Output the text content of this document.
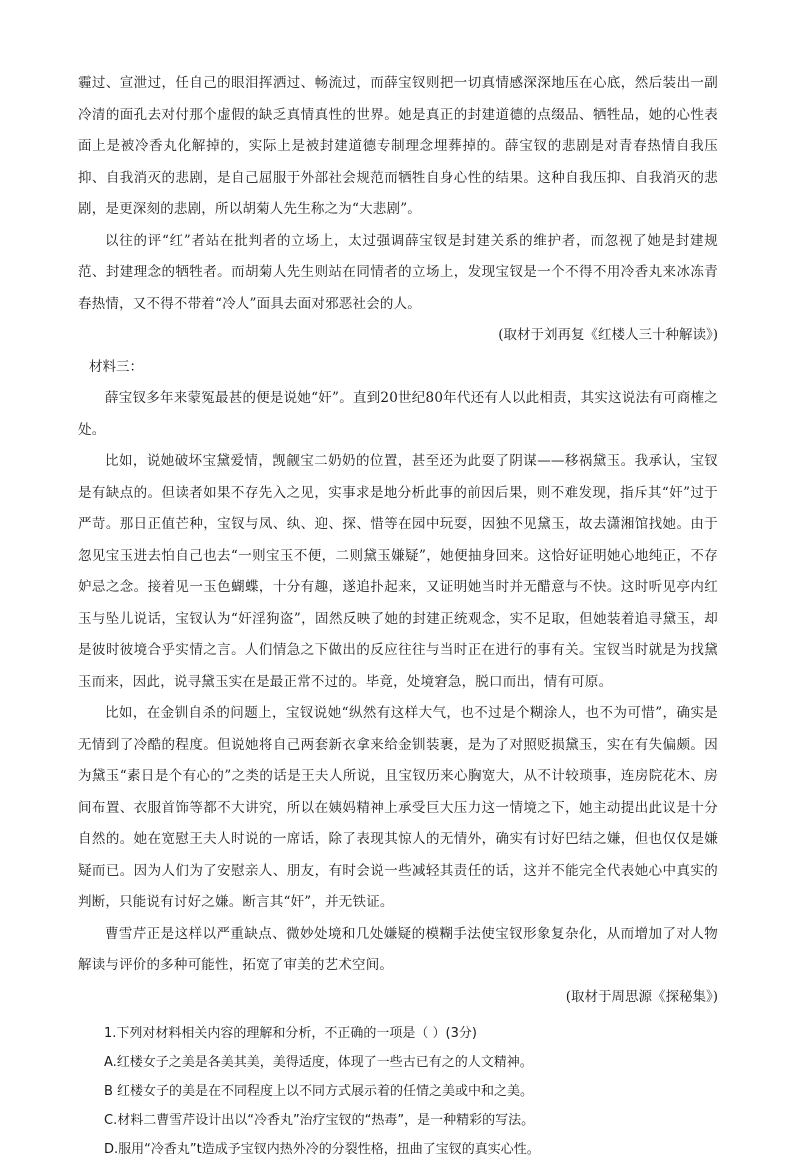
霾过、宣泄过，任自己的眼泪挥洒过、畅流过，而薛宝钗则把一切真情感深深地压在心底，然后装出一副冷清的面孔去对付那个虚假的缺乏真情真性的世界。她是真正的封建道德的点缀品、牺牲品，她的心性表面上是被冷香丸化解掉的，实际上是被封建道德专制理念埋葬掉的。薛宝钗的悲剧是对青春热情自我压抑、自我消灭的悲剧，是自己屈服于外部社会规范而牺牲自身心性的结果。这种自我压抑、自我消灭的悲剧，是更深刻的悲剧，所以胡菊人先生称之为“大悲剧”。

以往的评“红”者站在批判者的立场上，太过强调薛宝钗是封建关系的维护者，而忽视了她是封建规范、封建理念的牺牲者。而胡菊人先生则站在同情者的立场上，发现宝钗是一个不得不用冷香丸来冰冻青春热情，又不得不带着“冷人”面具去面对邪恶社会的人。

(取材于刘再复《红楼人三十种解读》)

材料三：

薛宝钗多年来蒙冤最甚的便是说她“奸”。直到20世纪80年代还有人以此相责，其实这说法有可商榷之处。

比如，说她破坏宝黛爱情，觊觎宝二奶奶的位置，甚至还为此耍了阴谋——移祸黛玉。我承认，宝钗是有缺点的。但读者如果不存先入之见，实事求是地分析此事的前因后果，则不难发现，指斥其“奸”过于严苛。那日正值芒种，宝钗与凤、纨、迎、探、惜等在园中玩耍，因独不见黛玉，故去潇湘馆找她。由于忽见宝玉进去怕自己也去“一则宝玉不便，二则黛玉嫌疑”，她便抽身回来。这恰好证明她心地纯正，不存妒忌之念。接着见一玉色蝴蝶，十分有趣，遂追扑起来，又证明她当时并无醋意与不快。这时听见亭内红玉与坠儿说话，宝钗认为“奸淫狗盗”，固然反映了她的封建正统观念，实不足取，但她装着追寻黛玉，却是彼时彼境合乎实情之言。人们情急之下做出的反应往往与当时正在进行的事有关。宝钗当时就是为找黛玉而来，因此，说寻黛玉实在是最正常不过的。毕竟，处境窘急，脱口而出，情有可原。

比如，在金钏自杀的问题上，宝钗说她“纵然有这样大气，也不过是个糊涂人，也不为可惜”，确实是无情到了冷酷的程度。但说她将自己两套新衣拿来给金钏装裹，是为了对照贬损黛玉，实在有失偏颇。因为黛玉“素日是个有心的”之类的话是王夫人所说，且宝钗历来心胸宽大，从不计较琐事，连房院花木、房间布置、衣服首饰等都不大讲究，所以在姨妈精神上承受巨大压力这一情境之下，她主动提出此议是十分自然的。她在宽慰王夫人时说的一席话，除了表现其惊人的无情外，确实有讨好巴结之嫌，但也仅仅是嫌疑而已。因为人们为了安慰亲人、朋友，有时会说一些减轻其责任的话，这并不能完全代表她心中真实的判断，只能说有讨好之嫌。断言其“奸”，并无铁证。

曹雪芹正是这样以严重缺点、微妙处境和几处嫌疑的模糊手法使宝钗形象复杂化，从而增加了对人物解读与评价的多种可能性，拓宽了审美的艺术空间。

(取材于周思源《探秘集》)

1.下列对材料相关内容的理解和分析，不正确的一项是（ ）(3分)

A.红楼女子之美是各美其美，美得适度，体现了一些古已有之的人文精神。

B 红楼女子的美是在不同程度上以不同方式展示着的任情之美或中和之美。

C.材料二曹雪芹设计出以“冷香丸”治疗宝钗的“热毒”，是一种精彩的写法。

D.服用“冷香丸”t造成予宝钗内热外冷的分裂性格，扭曲了宝钗的真实心性。
